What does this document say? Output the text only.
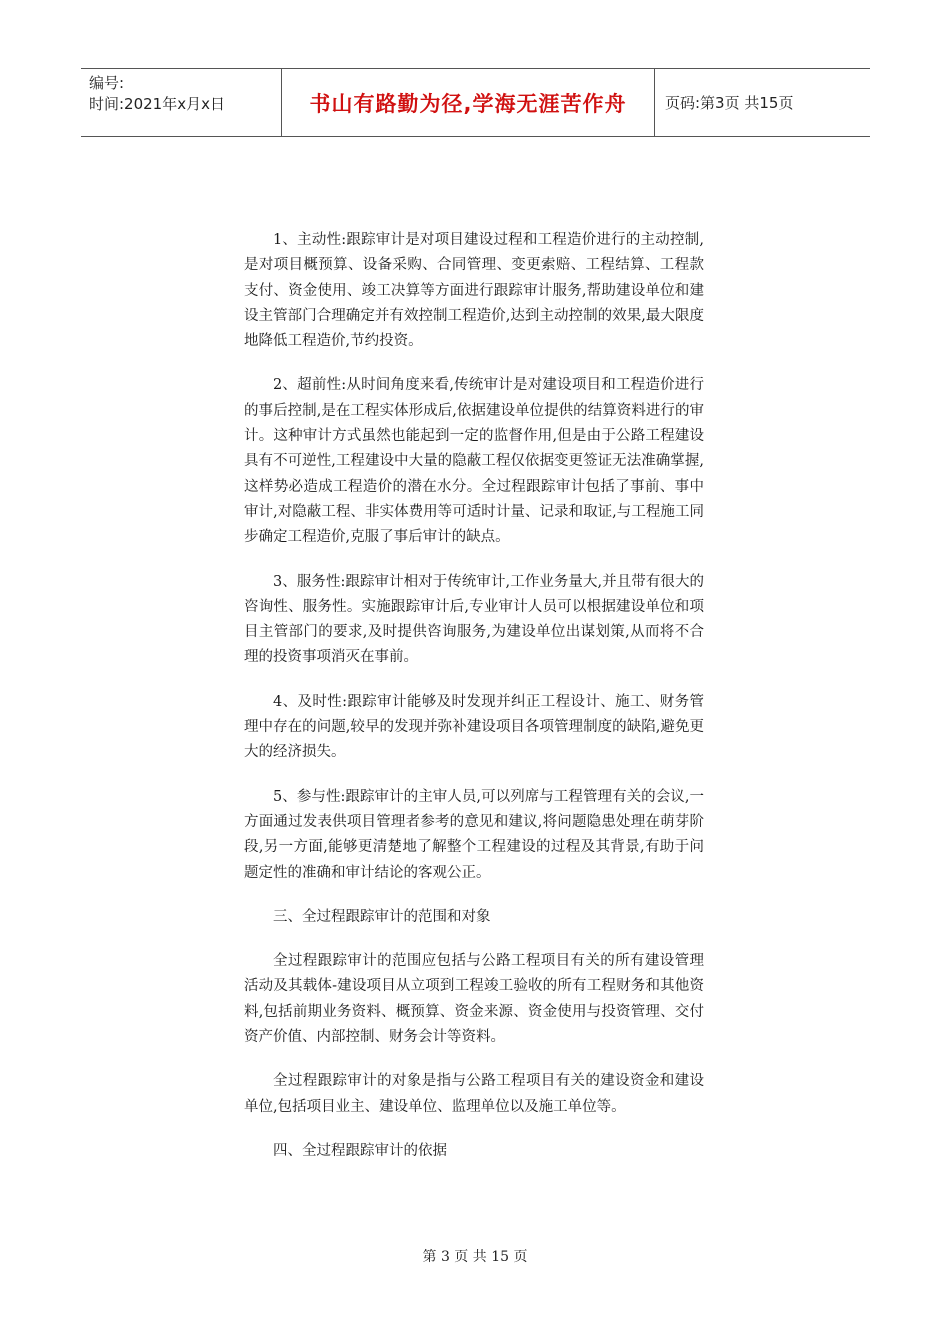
编号:
时间:2021年x月x日	书山有路勤为径,学海无涯苦作舟	页码:第3页 共15页

1、主动性:跟踪审计是对项目建设过程和工程造价进行的主动控制,是对项目概预算、设备采购、合同管理、变更索赔、工程结算、工程款支付、资金使用、竣工决算等方面进行跟踪审计服务,帮助建设单位和建设主管部门合理确定并有效控制工程造价,达到主动控制的效果,最大限度地降低工程造价,节约投资。

2、超前性:从时间角度来看,传统审计是对建设项目和工程造价进行的事后控制,是在工程实体形成后,依据建设单位提供的结算资料进行的审计。这种审计方式虽然也能起到一定的监督作用,但是由于公路工程建设具有不可逆性,工程建设中大量的隐蔽工程仅依据变更签证无法准确掌握,这样势必造成工程造价的潜在水分。全过程跟踪审计包括了事前、事中审计,对隐蔽工程、非实体费用等可适时计量、记录和取证,与工程施工同步确定工程造价,克服了事后审计的缺点。

3、服务性:跟踪审计相对于传统审计,工作业务量大,并且带有很大的咨询性、服务性。实施跟踪审计后,专业审计人员可以根据建设单位和项目主管部门的要求,及时提供咨询服务,为建设单位出谋划策,从而将不合理的投资事项消灭在事前。

4、及时性:跟踪审计能够及时发现并纠正工程设计、施工、财务管理中存在的问题,较早的发现并弥补建设项目各项管理制度的缺陷,避免更大的经济损失。

5、参与性:跟踪审计的主审人员,可以列席与工程管理有关的会议,一方面通过发表供项目管理者参考的意见和建议,将问题隐患处理在萌芽阶段,另一方面,能够更清楚地了解整个工程建设的过程及其背景,有助于问题定性的准确和审计结论的客观公正。

三、全过程跟踪审计的范围和对象

全过程跟踪审计的范围应包括与公路工程项目有关的所有建设管理活动及其载体-建设项目从立项到工程竣工验收的所有工程财务和其他资料,包括前期业务资料、概预算、资金来源、资金使用与投资管理、交付资产价值、内部控制、财务会计等资料。

全过程跟踪审计的对象是指与公路工程项目有关的建设资金和建设单位,包括项目业主、建设单位、监理单位以及施工单位等。

四、全过程跟踪审计的依据

第 3 页 共 15 页
